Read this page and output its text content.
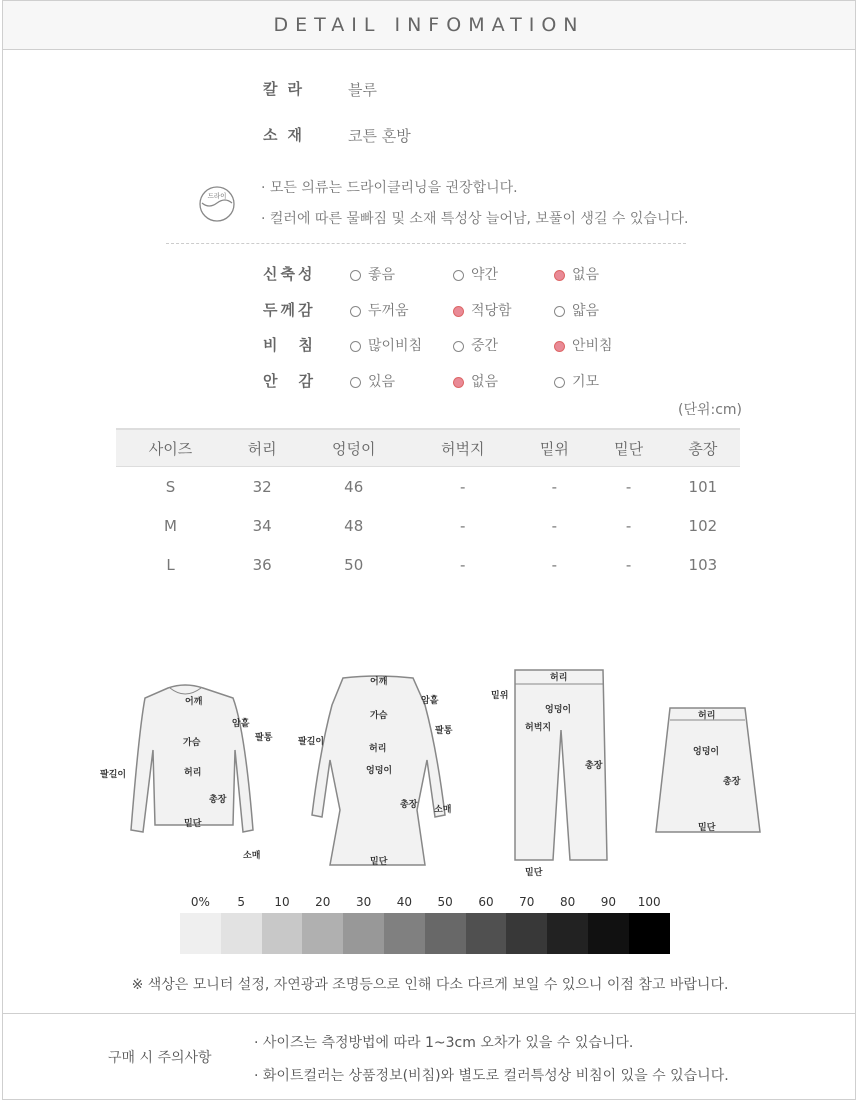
DETAIL INFOMATION
칼라 블루
소재 코튼 혼방
드라이 · 모든 의류는 드라이클리닝을 권장합니다.
· 컬러에 따른 물빠짐 및 소재 특성상 늘어남, 보풀이 생길 수 있습니다.
신축성	좋음	약간	없음
두께감	두꺼움	적당함	얇음
비　침	많이비침	중간	안비침
안　감	있음	없음	기모
(단위:cm)
사이즈	허리	엉덩이	허벅지	밑위	밑단	총장
S	32	46	-	-	-	101
M	34	48	-	-	-	102
L	36	50	-	-	-	103
어깨
암홀
팔통
가슴
허리
팔길이
총장
밑단
소매
어깨
암홀
가슴
팔통
팔길이
허리
엉덩이
총장 소매
밑단
허리
밑위
엉덩이
허벅지
총장
밑단
허리
엉덩이
총장
밑단
0% 5 10 20 30 40 50 60 70 80 90 100
※ 색상은 모니터 설정, 자연광과 조명등으로 인해 다소 다르게 보일 수 있으니 이점 참고 바랍니다.
구매 시 주의사항
· 사이즈는 측정방법에 따라 1~3cm 오차가 있을 수 있습니다.
· 화이트컬러는 상품정보(비침)와 별도로 컬러특성상 비침이 있을 수 있습니다.
